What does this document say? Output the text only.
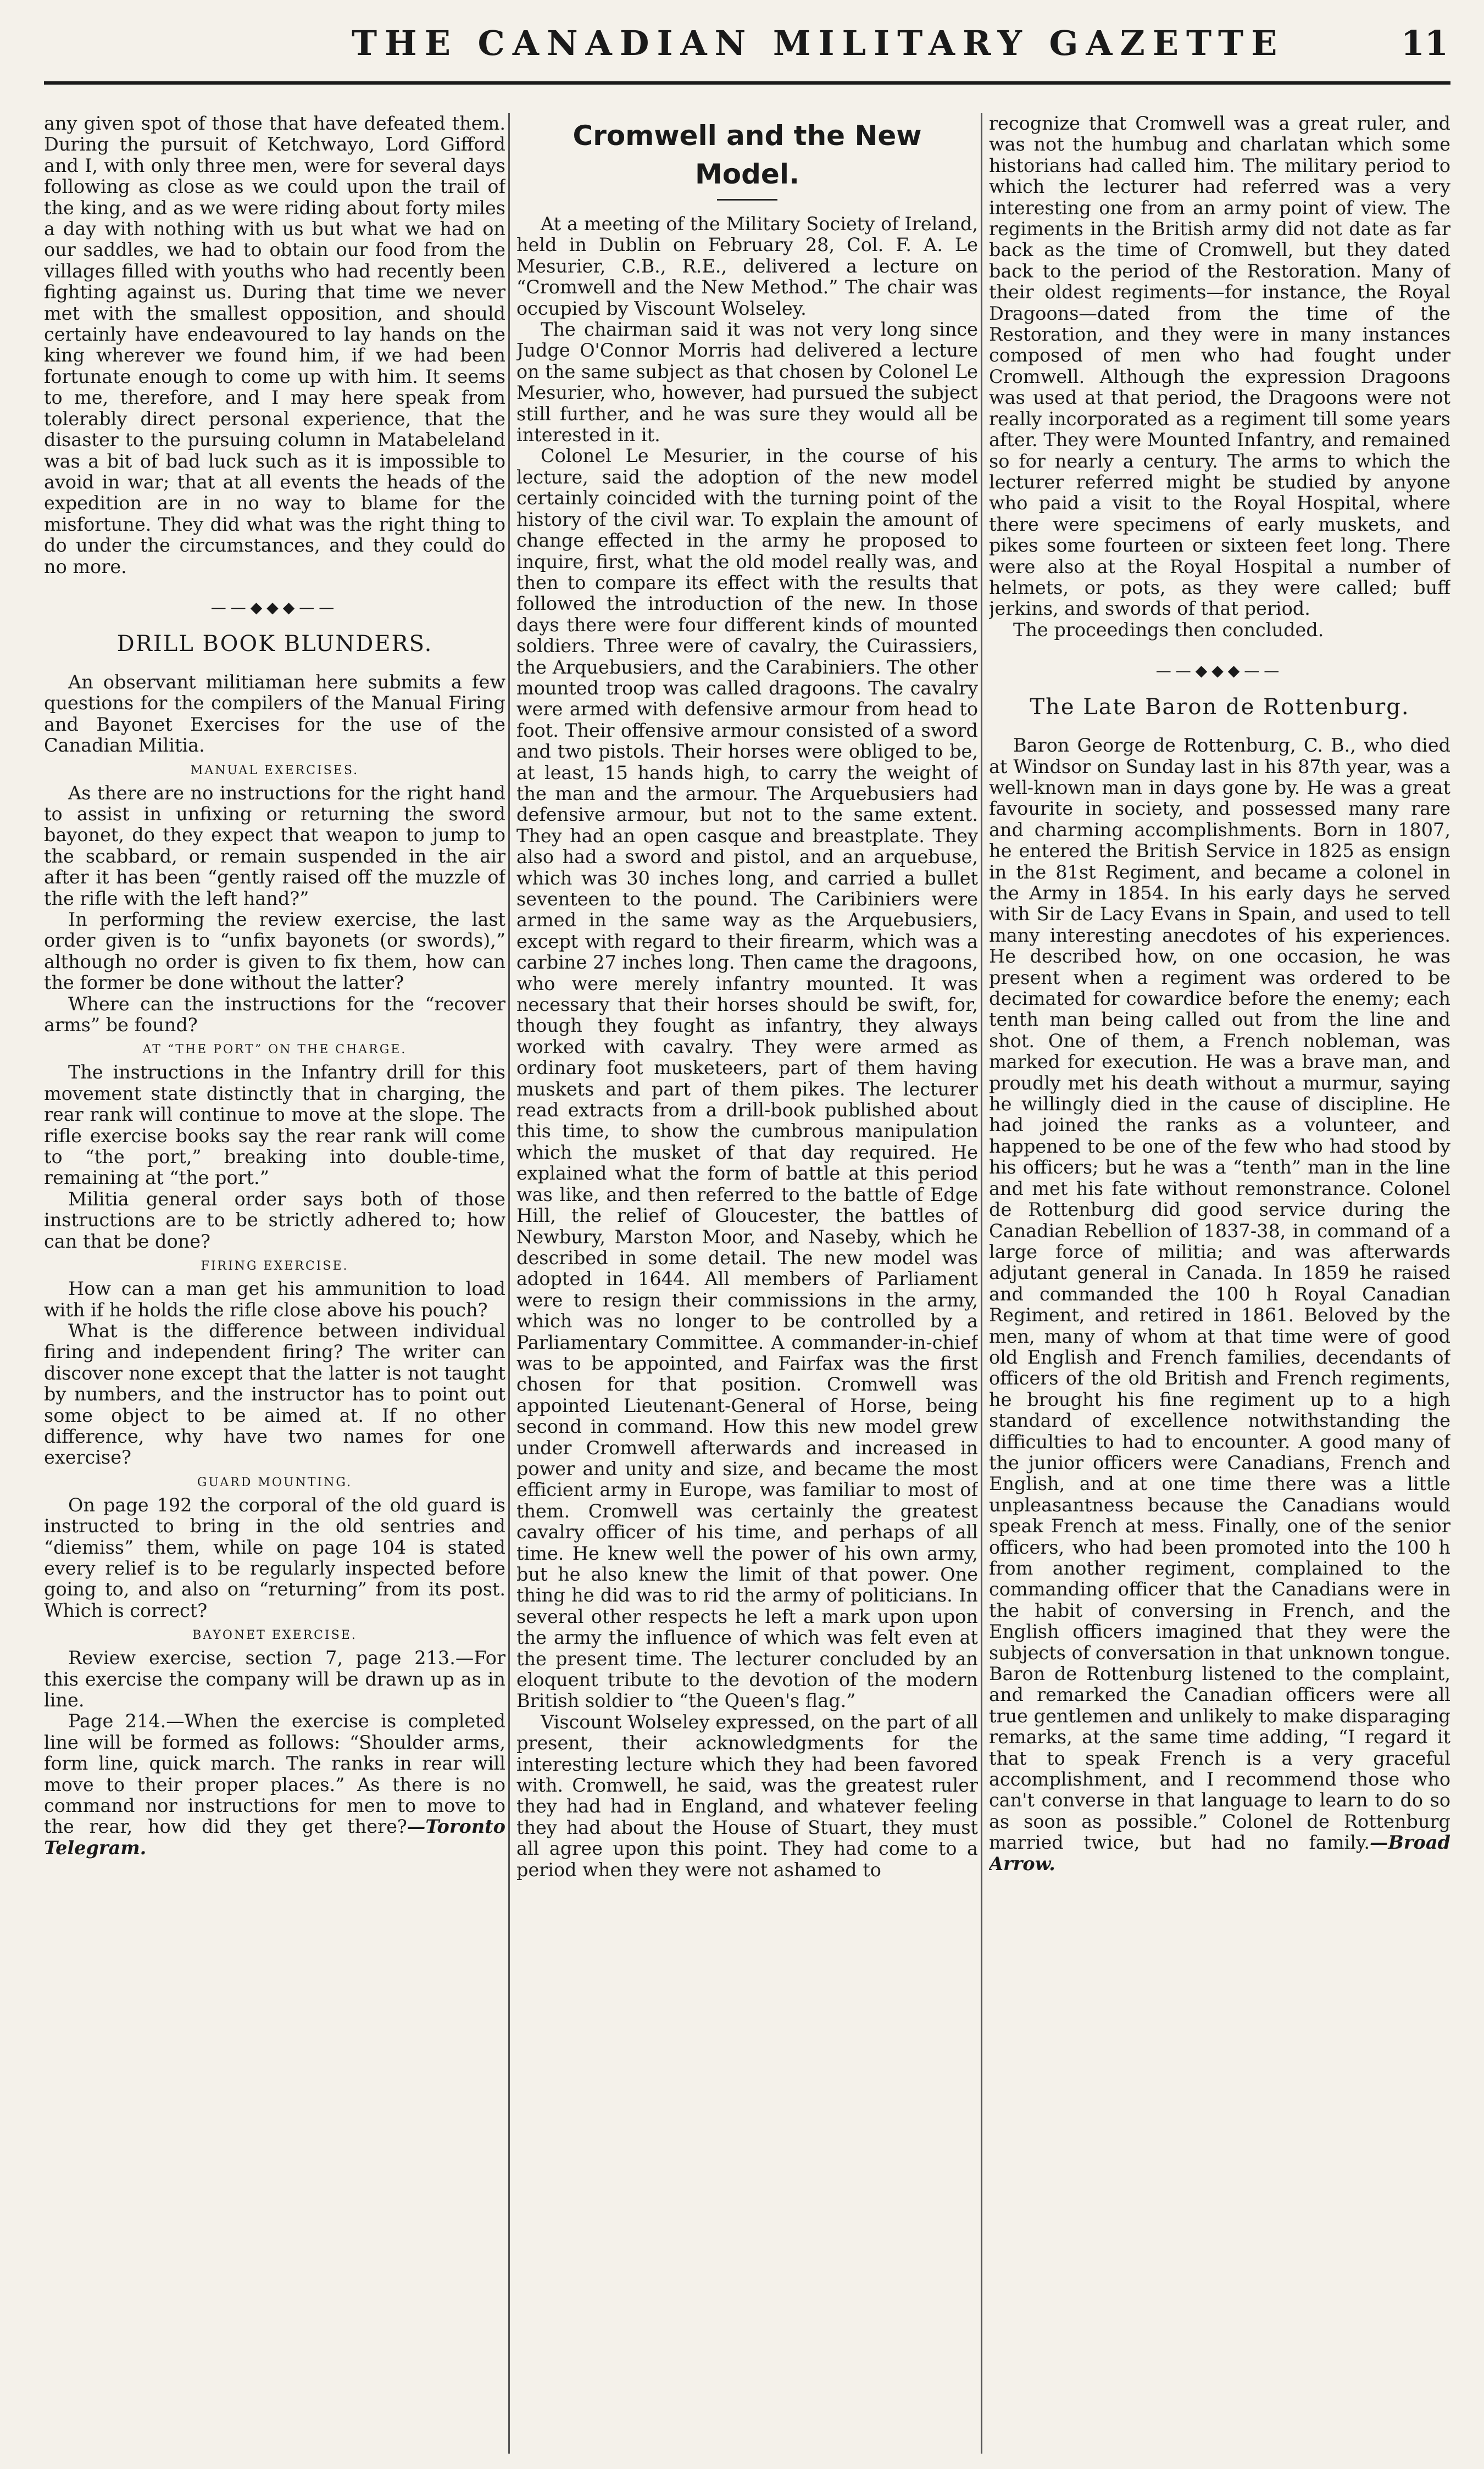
THE CANADIAN MILITARY GAZETTE	11

any given spot of those that have defeated them. During the pursuit of Ketchwayo, Lord Gifford and I, with only three men, were for several days following as close as we could upon the trail of the king, and as we were riding about forty miles a day with nothing with us but what we had on our saddles, we had to obtain our food from the villages filled with youths who had recently been fighting against us. During that time we never met with the smallest opposition, and should certainly have endeavoured to lay hands on the king wherever we found him, if we had been fortunate enough to come up with him. It seems to me, therefore, and I may here speak from tolerably direct personal experience, that the disaster to the pursuing column in Matabeleland was a bit of bad luck such as it is impossible to avoid in war; that at all events the heads of the expedition are in no way to blame for the misfortune. They did what was the right thing to do under the circumstances, and they could do no more.

——◆◆◆——
DRILL BOOK BLUNDERS.

An observant militiaman here submits a few questions for the compilers of the Manual Firing and Bayonet Exercises for the use of the Canadian Militia.

MANUAL EXERCISES.

As there are no instructions for the right hand to assist in unfixing or returning the sword bayonet, do they expect that weapon to jump to the scabbard, or remain suspended in the air after it has been “gently raised off the muzzle of the rifle with the left hand?”

In performing the review exercise, the last order given is to “unfix bayonets (or swords),” although no order is given to fix them, how can the former be done without the latter?

Where can the instructions for the “recover arms” be found?

AT “THE PORT” ON THE CHARGE.

The instructions in the Infantry drill for this movement state distinctly that in charging, the rear rank will continue to move at the slope. The rifle exercise books say the rear rank will come to “the port,” breaking into double-time, remaining at “the port.”

Militia general order says both of those instructions are to be strictly adhered to; how can that be done?

FIRING EXERCISE.

How can a man get his ammunition to load with if he holds the rifle close above his pouch?

What is the difference between individual firing and independent firing? The writer can discover none except that the latter is not taught by numbers, and the instructor has to point out some object to be aimed at. If no other difference, why have two names for one exercise?

GUARD MOUNTING.

On page 192 the corporal of the old guard is instructed to bring in the old sentries and “diemiss” them, while on page 104 is stated every relief is to be regularly inspected before going to, and also on “returning” from its post. Which is correct?

BAYONET EXERCISE.

Review exercise, section 7, page 213.—For this exercise the company will be drawn up as in line.

Page 214.—When the exercise is completed line will be formed as follows: “Shoulder arms, form line, quick march. The ranks in rear will move to their proper places.” As there is no command nor instructions for men to move to the rear, how did they get there?—Toronto Telegram.

Cromwell and the New Model.

At a meeting of the Military Society of Ireland, held in Dublin on February 28, Col. F. A. Le Mesurier, C.B., R.E., delivered a lecture on “Cromwell and the New Method.” The chair was occupied by Viscount Wolseley.

The chairman said it was not very long since Judge O'Connor Morris had delivered a lecture on the same subject as that chosen by Colonel Le Mesurier, who, however, had pursued the subject still further, and he was sure they would all be interested in it.

Colonel Le Mesurier, in the course of his lecture, said the adoption of the new model certainly coincided with the turning point of the history of the civil war. To explain the amount of change effected in the army he proposed to inquire, first, what the old model really was, and then to compare its effect with the results that followed the introduction of the new. In those days there were four different kinds of mounted soldiers. Three were of cavalry, the Cuirassiers, the Arquebusiers, and the Carabiniers. The other mounted troop was called dragoons. The cavalry were armed with defensive armour from head to foot. Their offensive armour consisted of a sword and two pistols. Their horses were obliged to be, at least, 15 hands high, to carry the weight of the man and the armour. The Arquebusiers had defensive armour, but not to the same extent. They had an open casque and breastplate. They also had a sword and pistol, and an arquebuse, which was 30 inches long, and carried a bullet seventeen to the pound. The Caribiniers were armed in the same way as the Arquebusiers, except with regard to their firearm, which was a carbine 27 inches long. Then came the dragoons, who were merely infantry mounted. It was necessary that their horses should be swift, for, though they fought as infantry, they always worked with cavalry. They were armed as ordinary foot musketeers, part of them having muskets and part of them pikes. The lecturer read extracts from a drill-book published about this time, to show the cumbrous manipulation which the musket of that day required. He explained what the form of battle at this period was like, and then referred to the battle of Edge Hill, the relief of Gloucester, the battles of Newbury, Marston Moor, and Naseby, which he described in some detail. The new model was adopted in 1644. All members of Parliament were to resign their commissions in the army, which was no longer to be controlled by a Parliamentary Committee. A commander-in-chief was to be appointed, and Fairfax was the first chosen for that position. Cromwell was appointed Lieutenant-General of Horse, being second in command. How this new model grew under Cromwell afterwards and increased in power and unity and size, and became the most efficient army in Europe, was familiar to most of them. Cromwell was certainly the greatest cavalry officer of his time, and perhaps of all time. He knew well the power of his own army, but he also knew the limit of that power. One thing he did was to rid the army of politicians. In several other respects he left a mark upon upon the army the influence of which was felt even at the present time. The lecturer concluded by an eloquent tribute to the devotion of the modern British soldier to “the Queen's flag.”

Viscount Wolseley expressed, on the part of all present, their acknowledgments for the interesting lecture which they had been favored with. Cromwell, he said, was the greatest ruler they had had in England, and whatever feeling they had about the House of Stuart, they must all agree upon this point. They had come to a period when they were not ashamed to

recognize that Cromwell was a great ruler, and was not the humbug and charlatan which some historians had called him. The military period to which the lecturer had referred was a very interesting one from an army point of view. The regiments in the British army did not date as far back as the time of Cromwell, but they dated back to the period of the Restoration. Many of their oldest regiments—for instance, the Royal Dragoons—dated from the time of the Restoration, and they were in many instances composed of men who had fought under Cromwell. Although the expression Dragoons was used at that period, the Dragoons were not really incorporated as a regiment till some years after. They were Mounted Infantry, and remained so for nearly a century. The arms to which the lecturer referred might be studied by anyone who paid a visit to the Royal Hospital, where there were specimens of early muskets, and pikes some fourteen or sixteen feet long. There were also at the Royal Hospital a number of helmets, or pots, as they were called; buff jerkins, and swords of that period.

The proceedings then concluded.

——◆◆◆——
The Late Baron de Rottenburg.

Baron George de Rottenburg, C. B., who died at Windsor on Sunday last in his 87th year, was a well-known man in days gone by. He was a great favourite in society, and possessed many rare and charming accomplishments. Born in 1807, he entered the British Service in 1825 as ensign in the 81st Regiment, and became a colonel in the Army in 1854. In his early days he served with Sir de Lacy Evans in Spain, and used to tell many interesting anecdotes of his experiences. He described how, on one occasion, he was present when a regiment was ordered to be decimated for cowardice before the enemy; each tenth man being called out from the line and shot. One of them, a French nobleman, was marked for execution. He was a brave man, and proudly met his death without a murmur, saying he willingly died in the cause of discipline. He had joined the ranks as a volunteer, and happened to be one of the few who had stood by his officers; but he was a “tenth” man in the line and met his fate without remonstrance. Colonel de Rottenburg did good service during the Canadian Rebellion of 1837-38, in command of a large force of militia; and was afterwards adjutant general in Canada. In 1859 he raised and commanded the 100 h Royal Canadian Regiment, and retired in 1861. Beloved by the men, many of whom at that time were of good old English and French families, decendants of officers of the old British and French regiments, he brought his fine regiment up to a high standard of excellence notwithstanding the difficulties to had to encounter. A good many of the junior officers were Canadians, French and English, and at one time there was a little unpleasantness because the Canadians would speak French at mess. Finally, one of the senior officers, who had been promoted into the 100 h from another regiment, complained to the commanding officer that the Canadians were in the habit of conversing in French, and the English officers imagined that they were the subjects of conversation in that unknown tongue. Baron de Rottenburg listened to the complaint, and remarked the Canadian officers were all true gentlemen and unlikely to make disparaging remarks, at the same time adding, “I regard it that to speak French is a very graceful accomplishment, and I recommend those who can't converse in that language to learn to do so as soon as possible.” Colonel de Rottenburg married twice, but had no family.—Broad Arrow.
